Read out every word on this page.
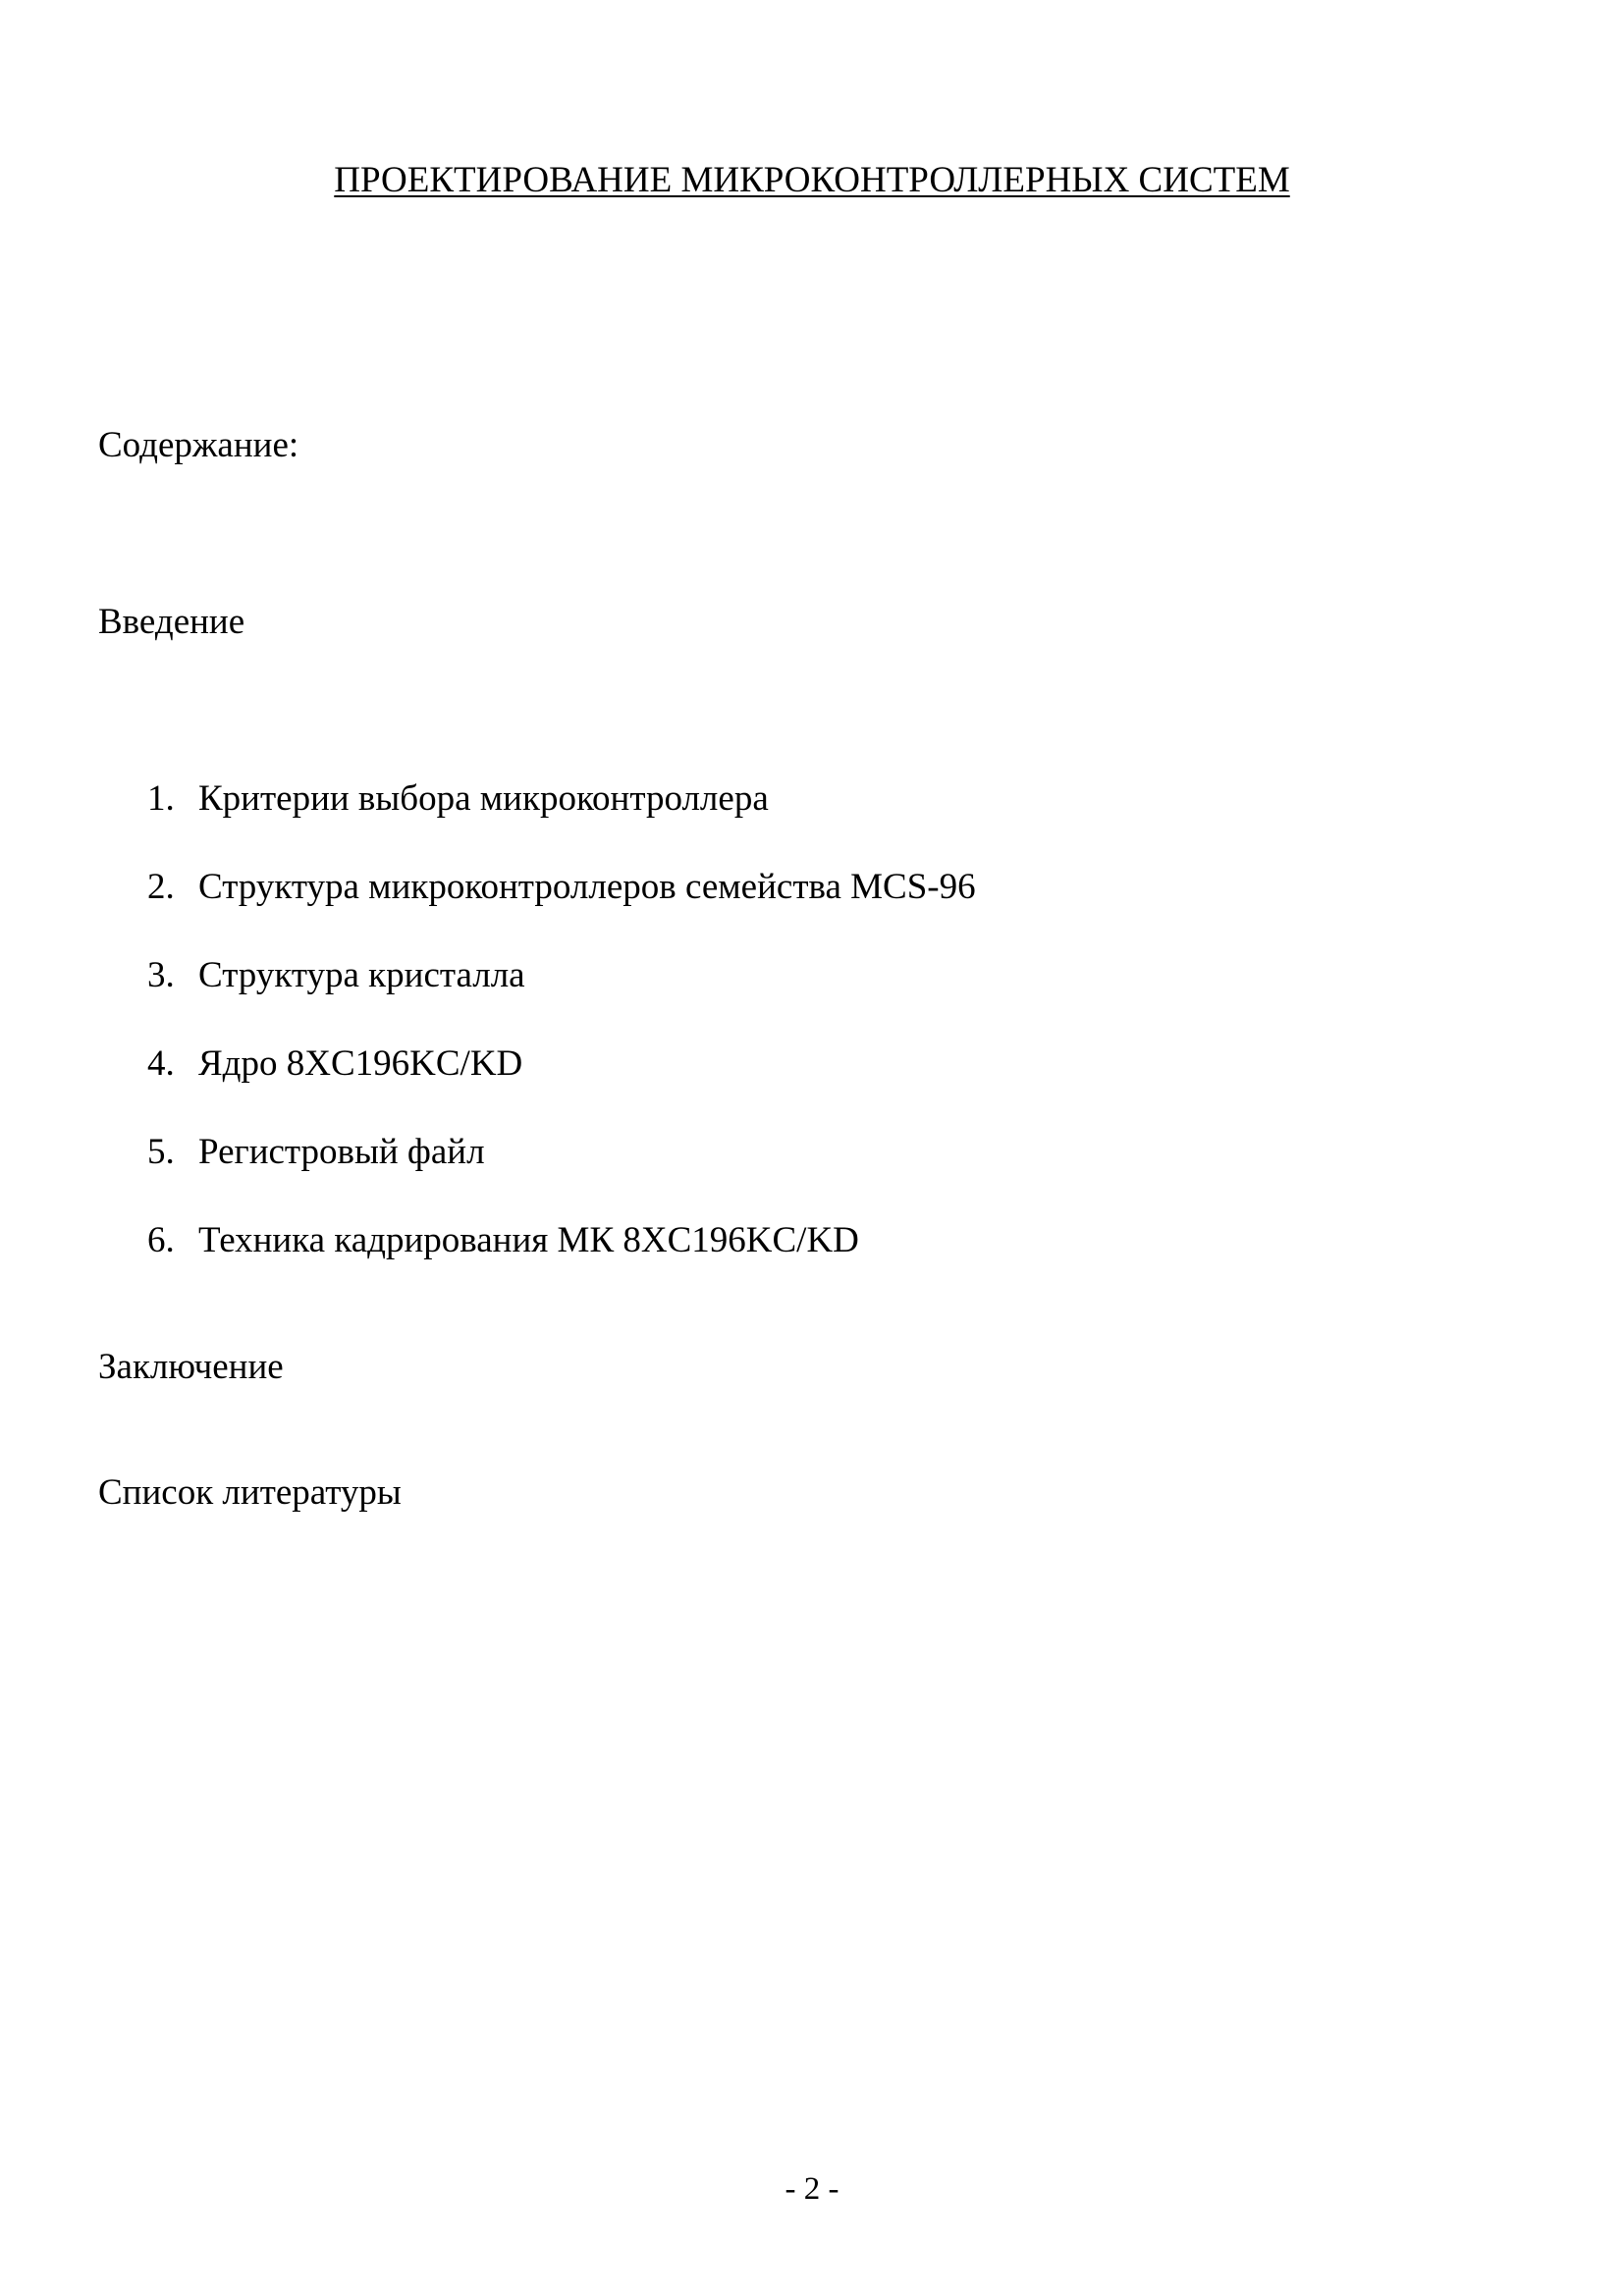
ПРОЕКТИРОВАНИЕ МИКРОКОНТРОЛЛЕРНЫХ СИСТЕМ

Содержание:

Введение

1. Критерии выбора микроконтроллера
2. Структура микроконтроллеров семейства MCS-96
3. Структура кристалла
4. Ядро 8XC196KC/KD
5. Регистровый файл
6. Техника кадрирования МК 8XC196KC/KD

Заключение

Список литературы

- 2 -
